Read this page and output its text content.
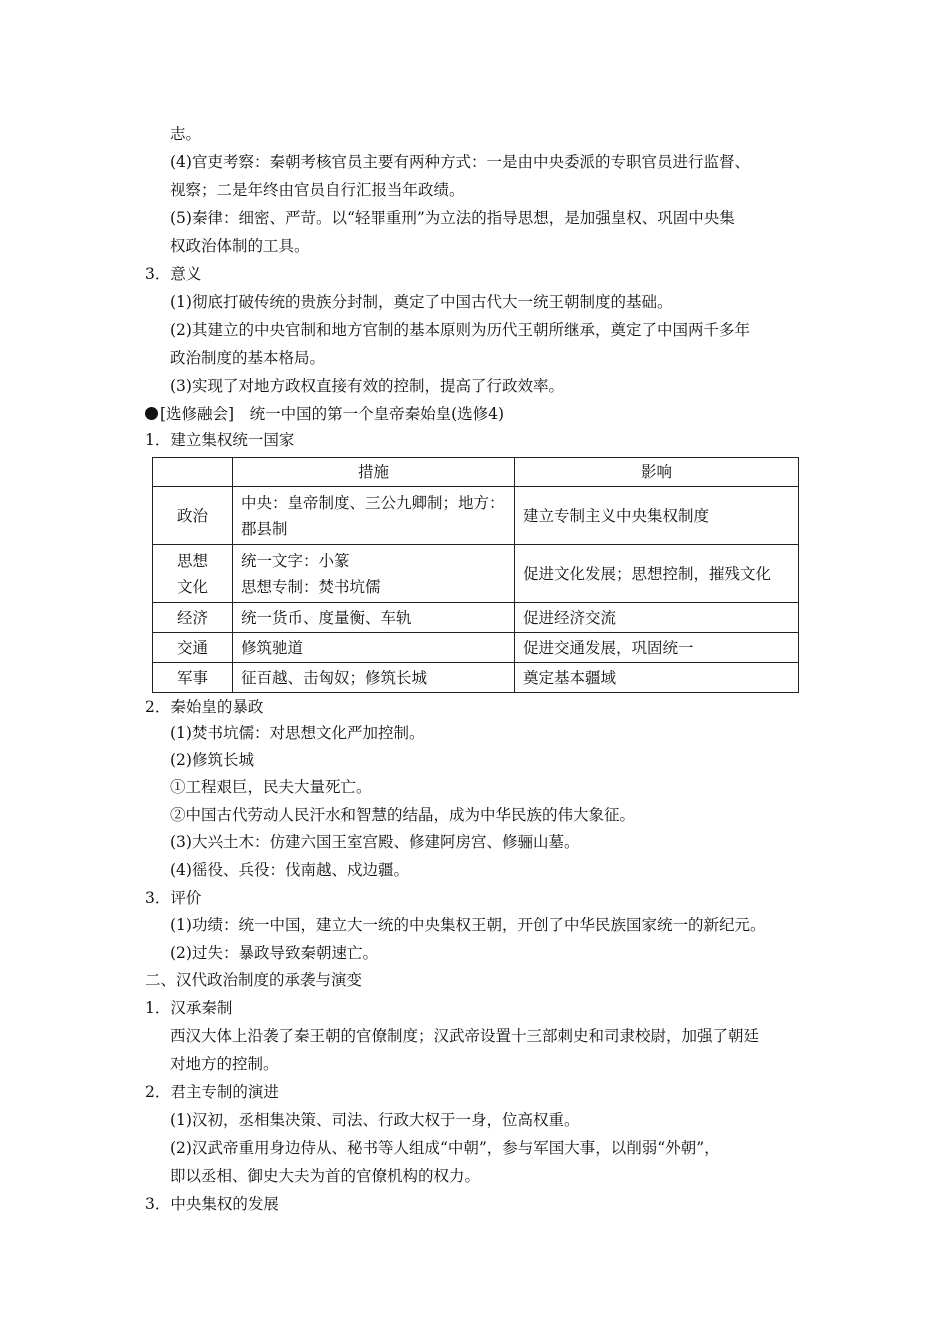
志。
(4)官吏考察：秦朝考核官员主要有两种方式：一是由中央委派的专职官员进行监督、
视察；二是年终由官员自行汇报当年政绩。
(5)秦律：细密、严苛。以“轻罪重刑”为立法的指导思想，是加强皇权、巩固中央集
权政治体制的工具。
3．意义
(1)彻底打破传统的贵族分封制，奠定了中国古代大一统王朝制度的基础。
(2)其建立的中央官制和地方官制的基本原则为历代王朝所继承，奠定了中国两千多年
政治制度的基本格局。
(3)实现了对地方政权直接有效的控制，提高了行政效率。
[选修融会]　统一中国的第一个皇帝秦始皇(选修4)
1．建立集权统一国家
2．秦始皇的暴政
(1)焚书坑儒：对思想文化严加控制。
(2)修筑长城
①工程艰巨，民夫大量死亡。
②中国古代劳动人民汗水和智慧的结晶，成为中华民族的伟大象征。
(3)大兴土木：仿建六国王室宫殿、修建阿房宫、修骊山墓。
(4)徭役、兵役：伐南越、戍边疆。
3．评价
(1)功绩：统一中国，建立大一统的中央集权王朝，开创了中华民族国家统一的新纪元。
(2)过失：暴政导致秦朝速亡。
二、汉代政治制度的承袭与演变
1．汉承秦制
西汉大体上沿袭了秦王朝的官僚制度；汉武帝设置十三部刺史和司隶校尉，加强了朝廷
对地方的控制。
2．君主专制的演进
(1)汉初，丞相集决策、司法、行政大权于一身，位高权重。
(2)汉武帝重用身边侍从、秘书等人组成“中朝”，参与军国大事，以削弱“外朝”，
即以丞相、御史大夫为首的官僚机构的权力。
3．中央集权的发展
	措施	影响
政治	中央：皇帝制度、三公九卿制；地方：郡县制	建立专制主义中央集权制度
思想文化	统一文字：小篆
思想专制：焚书坑儒	促进文化发展；思想控制，摧残文化
经济	统一货币、度量衡、车轨	促进经济交流
交通	修筑驰道	促进交通发展，巩固统一
军事	征百越、击匈奴；修筑长城	奠定基本疆域
